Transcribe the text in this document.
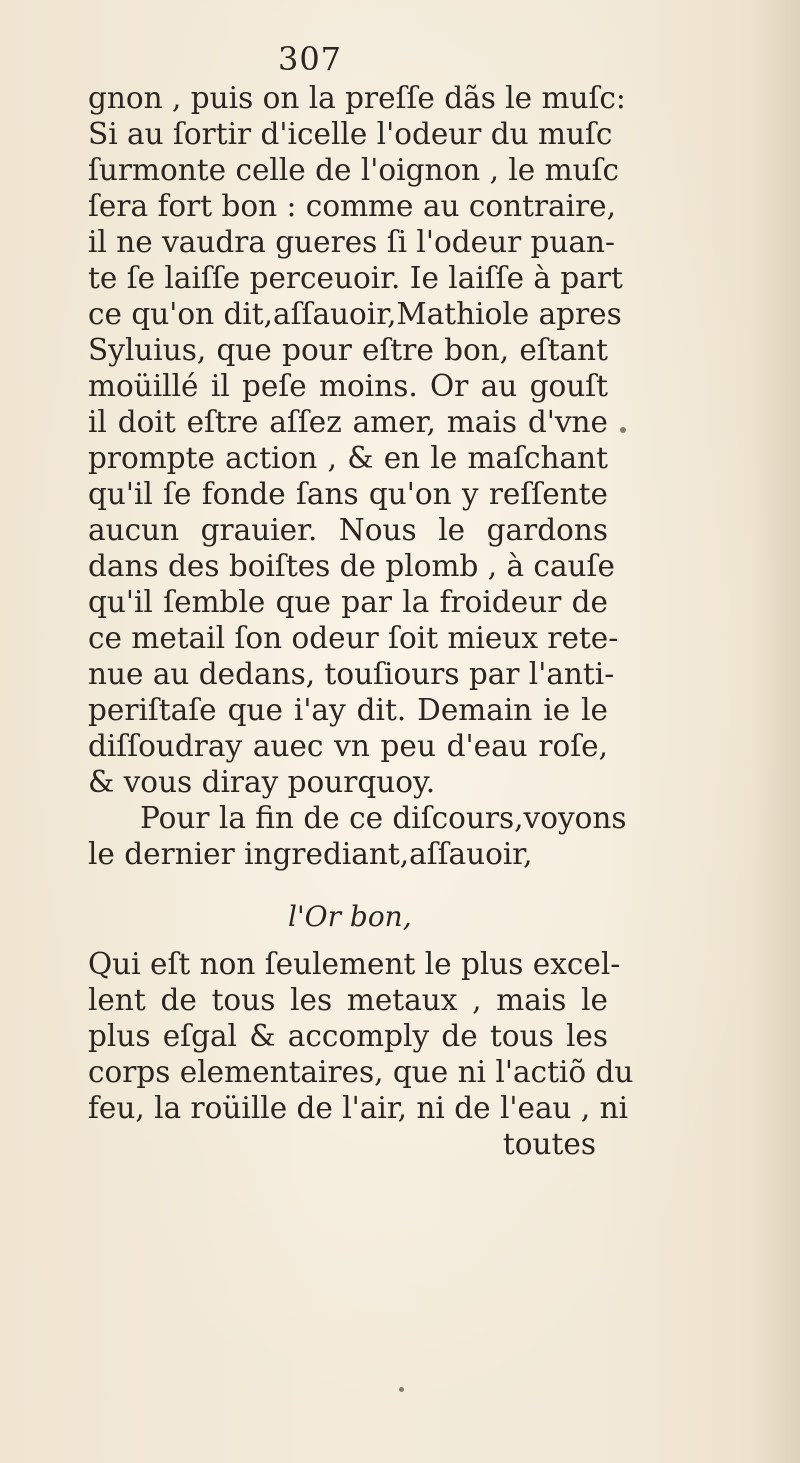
307
gnon , puis on la preſſe dãs le muſc:
Si au ſortir d'icelle l'odeur du muſc
ſurmonte celle de l'oignon , le muſc
ſera fort bon : comme au contraire,
il ne vaudra gueres ſi l'odeur puan-
te ſe laiſſe perceuoir. Ie laiſſe à part
ce qu'on dit,aſſauoir,Mathiole apres
Syluius, que pour eſtre bon, eſtant
moüillé il peſe moins. Or au gouſt
il doit eſtre aſſez amer, mais d'vne
prompte action , & en le maſchant
qu'il ſe fonde ſans qu'on y reſſente
aucun grauier. Nous le gardons
dans des boiſtes de plomb , à cauſe
qu'il ſemble que par la froideur de
ce metail ſon odeur ſoit mieux rete-
nue au dedans, touſiours par l'anti-
periſtaſe que i'ay dit. Demain ie le
diſſoudray auec vn peu d'eau roſe,
& vous diray pourquoy.
Pour la fin de ce diſcours,voyons
le dernier ingrediant,aſſauoir,
l'Or bon,
Qui eſt non ſeulement le plus excel-
lent de tous les metaux , mais le
plus eſgal & accomply de tous les
corps elementaires, que ni l'actiõ du
feu, la roüille de l'air, ni de l'eau , ni
toutes
